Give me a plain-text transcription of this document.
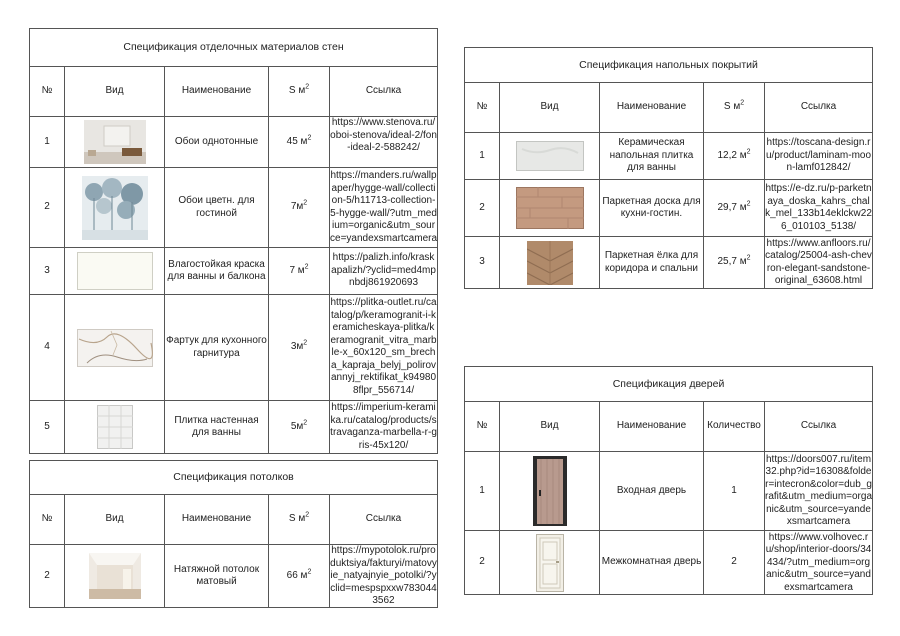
Спецификация отделочных материалов стен				
№	Вид	Наименование	S $м^2$	Ссылка
1		Обои однотонные	45 $м^2$	https://www.stenova.ru/oboi-stenova/ideal-2/fon-ideal-2-588242/

2		Обои цветн. для гостиной	$7м^2$	https://manders.ru/wallpaper/hygge-wall/collection-5/h11713-collection-5-hygge-wall/?utm_medium=organic&utm_source=yandexsmartcamera

3		Влагостойкая краска для ванны и балкона	7 $м^2$	https://palizh.info/kraskapalizh/?yclid=med4mpnbdj861920693

4		Фартук для кухонного гарнитура	$3м^2$	https://plitka-outlet.ru/catalog/p/keramogranit-i-keramicheskaya-plitka/keramogranit_vitra_marble-x_60x120_sm_brecha_kapraja_belyj_polirovannyj_rektifikat_k949808flpr_556714/

5		Плитка настенная для ванны	$5м^2$	https://imperium-keramika.ru/catalog/products/stravaganza-marbella-r-gris-45x120/
Спецификация потолков				
№	Вид	Наименование	S $м^2$	Ссылка
2		Натяжной потолок матовый	66 $м^2$	https://mypotolok.ru/produktsiya/fakturyi/matovyie_natyajnyie_potolki/?yclid=mespspxxw7830443562
Спецификация напольных покрытий				
№	Вид	Наименование	S $м^2$	Ссылка
1		Керамическая напольная плитка для ванны	12,2 $м^2$	https://toscana-design.ru/product/laminam-moon-lamf012842/

2		Паркетная доска для кухни-гостин.	29,7 $м^2$	https://e-dz.ru/p-parketnaya_doska_kahrs_chalk_mel_133b14eklckw226_010103_5138/

3		Паркетная ёлка для коридора и спальни	25,7 $м^2$	https://www.anfloors.ru/catalog/25004-ash-chevron-elegant-sandstone-original_63608.html
Спецификация дверей				
№	Вид	Наименование	Количество	Ссылка
1		Входная дверь	1	https://doors007.ru/item32.php?id=16308&folder=intecron&color=dub_grafit&utm_medium=organic&utm_source=yandexsmartcamera

2		Межкомнатная дверь	2	https://www.volhovec.ru/shop/interior-doors/34434/?utm_medium=organic&utm_source=yandexsmartcamera
